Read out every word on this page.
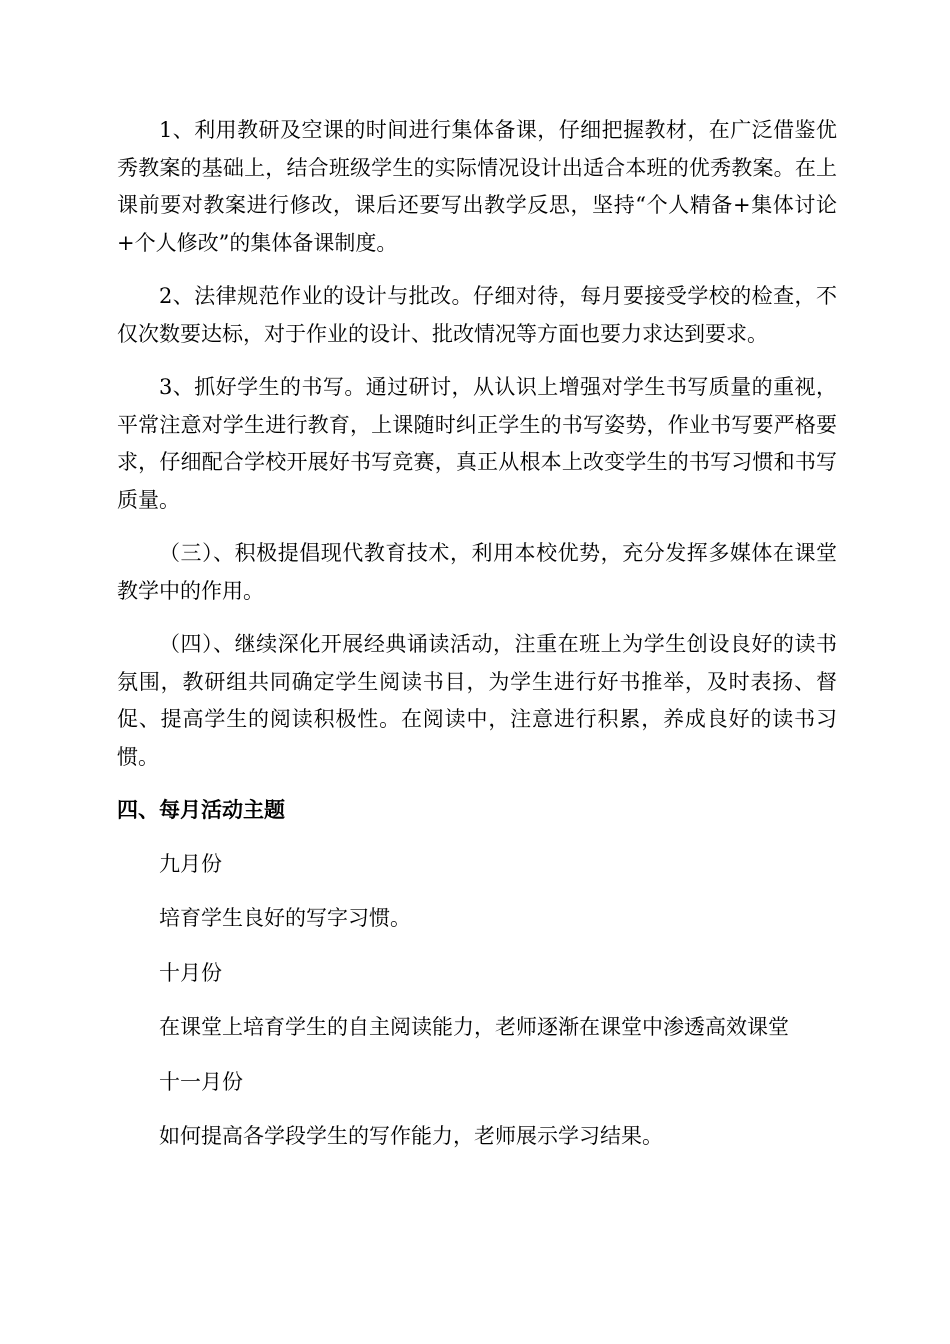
1、利用教研及空课的时间进行集体备课，仔细把握教材，在广泛借鉴优秀教案的基础上，结合班级学生的实际情况设计出适合本班的优秀教案。在上课前要对教案进行修改，课后还要写出教学反思，坚持“个人精备+集体讨论+个人修改”的集体备课制度。

2、法律规范作业的设计与批改。仔细对待，每月要接受学校的检查，不仅次数要达标，对于作业的设计、批改情况等方面也要力求达到要求。

3、抓好学生的书写。通过研讨，从认识上增强对学生书写质量的重视，平常注意对学生进行教育，上课随时纠正学生的书写姿势，作业书写要严格要求，仔细配合学校开展好书写竞赛，真正从根本上改变学生的书写习惯和书写质量。

（三）、积极提倡现代教育技术，利用本校优势，充分发挥多媒体在课堂教学中的作用。

（四）、继续深化开展经典诵读活动，注重在班上为学生创设良好的读书氛围，教研组共同确定学生阅读书目，为学生进行好书推举，及时表扬、督促、提高学生的阅读积极性。在阅读中，注意进行积累，养成良好的读书习惯。

四、每月活动主题

九月份

培育学生良好的写字习惯。

十月份

在课堂上培育学生的自主阅读能力，老师逐渐在课堂中渗透高效课堂

十一月份

如何提高各学段学生的写作能力，老师展示学习结果。
